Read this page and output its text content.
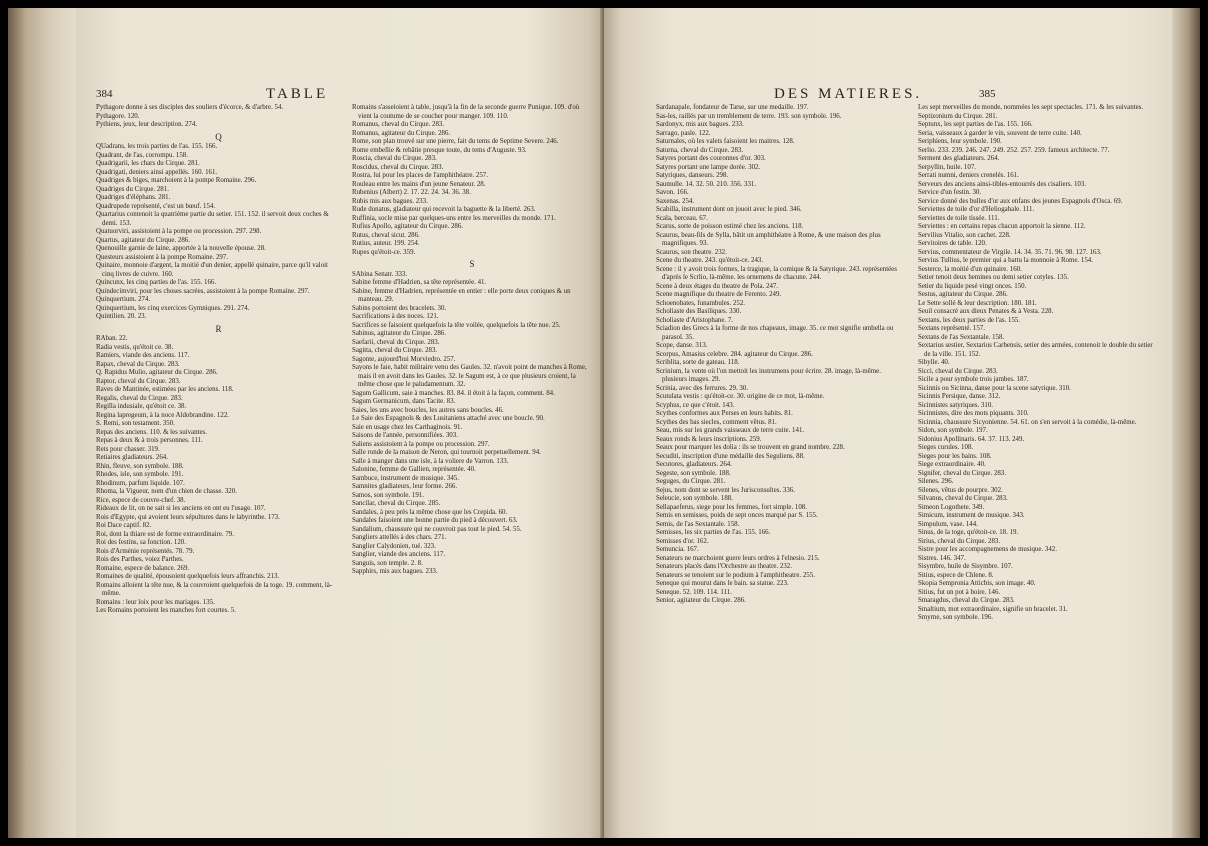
384	TABLE

Pythagore donne à ses disciples des souliers d'écorce, & d'arbre. 54.

Pythagore. 120.

Pythiens, jeux, leur description. 274.

Q

QUadrans, les trois parties de l'as. 155. 166.

Quadrant, de l'as, corrompu. 158.

Quadrigarii, les chars du Cirque. 281.

Quadrigati, deniers ainsi appellés. 160. 161.

Quadriges & biges, marchoient à la pompe Romaine. 296.

Quadriges du Cirque. 281.

Quadriges d'éléphans. 281.

Quadrupede représenté, c'est un bœuf. 154.

Quartarius contenoit la quatrième partie du setier. 151. 152. il servoit deux coches & demi. 153.

Quatuorviri, assistoient à la pompe ou procession. 297. 298.

Quartus, agitateur du Cirque. 286.

Quenouille garnie de laine, apportée à la nouvelle épouse. 28.

Questeurs assistoient à la pompe Romaine. 297.

Quinaire, monnoie d'argent, la moitié d'un denier, appellé quinaire, parce qu'il valoit cinq livres de cuivre. 160.

Quincunx, les cinq parties de l'as. 155. 166.

Quindecimviri, pour les choses sacrées, assistoient à la pompe Romaine. 297.

Quinquertium. 274.

Quinquertium, les cinq exercices Gymniques. 291. 274.

Quintilien. 20. 23.

R

RAban. 22.

Radia vestis, qu'étoit ce. 38.

Ramiers, viande des anciens. 117.

Rapax, cheval du Cirque. 283.

Q. Rapidus Mulio, agitateur du Cirque. 286.

Raptor, cheval du Cirque. 283.

Raves de Mantinée, estimées par les anciens. 118.

Regalis, cheval du Cirque. 283.

Regilla indusiale, qu'étoit ce. 38.

Regina lapregeum, à la noce Aldobrandine. 122.

S. Remi, son testament. 350.

Repas des anciens. 110. & les suivantes.

Repas à deux & à trois personnes. 111.

Rets pour chasser. 319.

Retiaires gladiateurs. 264.

Rhin, fleuve, son symbole. 188.

Rhodes, isle, son symbole. 191.

Rhodinum, parfum liquide. 107.

Rhoma, la Vigueur, nom d'un chien de chasse. 320.

Rice, espece de couvre-chef. 38.

Rideaux de lit, on ne sait si les anciens en ont eu l'usage. 107.

Rois d'Egypte, qui avoient leurs sépultures dans le labyrinthe. 173.

Roi Dace captif. 82.

Roi, dont la thiare est de forme extraordinaire. 79.

Roi des festins, sa fonction. 120.

Rois d'Arménie représentés. 78. 79.

Rois des Parthes, voiez Parthes.

Romaine, espece de balance. 269.

Romaines de qualité, épousoient quelquefois leurs affranchis. 213.

Romains alloient la tête nue, & la couvroient quelquefois de la toge. 19. comment, là-même.

Romains : leur loix pour les mariages. 135.

Les Romains portoient les manches fort courtes. 5.

Romains s'asseioient à table, jusqu'à la fin de la seconde guerre Punique. 109. d'où vient la coutume de se coucher pour manger. 109. 110.

Romanus, cheval du Cirque. 283.

Romanus, agitateur du Cirque. 286.

Rome, son plan trouvé sur une pierre, fait du tems de Septime Severe. 246.

Rome embellie & rebâtie presque toute, du tems d'Auguste. 93.

Roscia, cheval du Cirque. 283.

Roscidus, cheval du Cirque. 283.

Rostra, lui pour les places de l'amphithéatre. 257.

Rouleau entre les mains d'un jeune Senateur. 28.

Rubenius (Albert) 2. 17. 22. 24. 34. 36. 38.

Rubis mis aux bagues. 233.

Rude donatus, gladiateur qui recevoit la baguette & la liberté. 263.

Ruffinia, socle mise par quelques-uns entre les merveilles du monde. 171.

Rufius Apollo, agitateur du Cirque. 286.

Rutus, cheval sicut. 286.

Rutius, auteur. 199. 254.

Rupes qu'étoit-ce. 359.

S

SAbina Senatr. 333.

Sabine femme d'Hadrien, sa tête représentée. 41.

Sabine, femme d'Hadrien, représentée en entier : elle porte deux coniques & un manteau. 29.

Sabins portoient des bracelets. 30.

Sacrifications à des noces. 121.

Sacrifices se faisoient quelquefois la tête voilée, quelquefois la tête nue. 25.

Sabinus, agitateur du Cirque. 286.

Saefarii, cheval du Cirque. 283.

Sagitta, cheval du Cirque. 283.

Sagonte, aujourd'hui Morviedro. 257.

Sayons le faie, habit militaire venu des Gaules. 32. n'avoit point de manches à Rome, mais il en avoit dans les Gaules. 32. le Sagum est, à ce que plusieurs croient, la même chose que le paludamentum. 32.

Sagum Gallicum, saie à manches. 83. 84. il étoit à la façon, comment. 84.

Sagum Germanicum, dans Tacite. 83.

Saies, les uns avec boucles, les autres sans boucles. 46.

Le Saie des Espagnols & des Lusitaniens attaché avec une boucle. 90.

Saie en usage chez les Carthaginois. 91.

Saisons de l'année, personnifiées. 303.

Saliens assistoient à la pompe ou procession. 297.

Salle ronde de la maison de Neron, qui tournoit perpetuellement. 94.

Salle à manger dans une isle, à la voliere de Varron. 133.

Salonine, femme de Gallien, représentée. 40.

Sambuce, instrument de musique. 345.

Samnites gladiateurs, leur forme. 266.

Samos, son symbole. 191.

Sancilar, cheval du Cirque. 285.

Sandales, à peu près la même chose que les Crepida. 60.

Sandales faisoient une bonne partie du pied à découvert. 63.

Sandalium, chaussure qui ne couvroit pas tout le pied. 54. 55.

Sangliers attellés à des chars. 271.

Sanglier Calydonien, tué. 323.

Sanglier, viande des anciens. 117.

Sanguis, son temple. 2. 8.

Sapphirs, mis aux bagues. 233.

DES MATIERES.	385

Sardanapale, fondateur de Tarse, sur une medaille. 197.

Sas-les, raillés par un tremblement de terre. 193. son symbole. 196.

Sardonyx, mis aux bagues. 233.

Sarrago, pasle. 122.

Saturnales, où les valets faisoient les maitres. 128.

Saturna, cheval du Cirque. 283.

Satyres portant des couronnes d'or. 303.

Satyres portant une lampe dorée. 302.

Satyriques, danseurs. 298.

Saumulle. 14. 32. 50. 210. 356. 331.

Savon. 166.

Saxenas. 254.

Scabilla, instrument dont on jouoit avec le pied. 346.

Scala, berceau. 67.

Scarus, sorte de poisson estimé chez les anciens. 118.

Scaurus, beau-fils de Sylla, bâtit un amphithéatre à Rome, & une maison des plus magnifiques. 93.

Scaurus, son theatre. 232.

Scene du theatre. 243. qu'étoit-ce. 243.

Scene : il y avoit trois formes, la tragique, la comique & la Satyrique. 243. représentées d'après le Scrlio, là-même. les ornemens de chacune. 244.

Scene à deux étages du theatre de Pola. 247.

Scene magnifique du theatre de Ferento. 249.

Schoenobates, funambules. 252.

Scholiaste des Basiliques. 330.

Scholiaste d'Aristophane. 7.

Sciadion des Grecs à la forme de nos chapeaux, image. 35. ce mot signifie umbella ou parasol. 35.

Scope, danse. 313.

Scorpus, Amasius celebre. 284. agitateur du Cirque. 286.

Scriblita, sorte de gateau. 118.

Scrinium, la vente où l'on mettoit les instrumens pour écrire. 28. image, là-même. plusieurs images. 29.

Scrinia, avec des ferrures. 29. 30.

Scutulata vestis : qu'étoit-ce. 30. origine de ce mot, là-même.

Scyphus, ce que c'étoit. 143.

Scythes conformes aux Perses en leurs habits. 81.

Scythes des bas siecles, comment vêtus. 81.

Seau, mis sur les grands vaisseaux de terre cuite. 141.

Seaux ronds & leurs inscriptions. 259.

Seaux pour marquer les dolia : ils se trouvent en grand nombre. 228.

Secuditi, inscription d'une médaille des Seguliens. 88.

Secutores, gladiateurs. 264.

Segeste, son symbole. 188.

Seguges, du Cirque. 281.

Sejus, nom dont se servent les Jurisconsultes. 336.

Seleucie, son symbole. 188.

Sellapaeferus, siege pour les femmes, fort simple. 108.

Semis en semisses, poids de sept onces marqué par S. 155.

Semis, de l'as Sextantale. 158.

Semisses, les six parties de l'as. 155. 166.

Semisses d'or. 162.

Semuncia. 167.

Senateurs ne marchoient guere leurs ordres à l'elnesio. 215.

Senateurs placés dans l'Orchestre au theatre. 232.

Senateurs se tenoient sur le podium à l'amphitheatre. 255.

Seneque qui mourut dans le bain. sa statue. 223.

Seneque. 52. 109. 114. 111.

Senior, agitateur du Cirque. 286.

Les sept merveilles du monde, nommées les sept spectacles. 171. & les suivantes.

Septizonium du Cirque. 281.

Septunx, les sept parties de l'as. 155. 166.

Seria, vaisseaux à garder le vin, souvent de terre cuite. 140.

Seriphiens, leur symbole. 190.

Serlio. 233. 239. 246. 247. 249. 252. 257. 259. fameux architecte. 77.

Serment des gladiateurs. 264.

Serpyllin, huile. 107.

Serrati numni, deniers crenelés. 161.

Serveurs des anciens ainsi-tibles-entourrés des cisaliers. 103.

Service d'un festin. 30.

Service donné des bulles d'or aux enfans des jeunes Espagnols d'Osca. 69.

Serviettes de toile d'or d'Heliogabale. 111.

Serviettes de toile tissée. 111.

Serviettes : en certains repas chacun apportoit la sienne. 112.

Servilius Vitalio, son cachet. 228.

Servitoires de table. 120.

Servius, commentateur de Virgile. 14. 34. 35. 71. 96. 98. 127. 163.

Servius Tullius, le premier qui a battu la monnoie à Rome. 154.

Sesterce, la moitié d'un quinaire. 160.

Setier tenoit deux hemines ou demi setier cotyles. 135.

Setier du liquide pesé vingt onces. 150.

Sestus, agitateur du Cirque. 286.

Le Sette sollé & leur description. 180. 181.

Seuil consacré aux dieux Penates & à Vesta. 228.

Sextans, les deux parties de l'as. 155.

Sextans représenté. 157.

Sextans de l'as Sextantale. 158.

Sextarius sestier, Sextarius Carbensis, setier des armées, contenoit le double du setier de la ville. 151. 152.

Sibylle. 40.

Sicci, cheval du Cirque. 283.

Sicile a pour symbole trois jambes. 187.

Sicinnis ou Sicinna, danse pour la scene satyrique. 310.

Sicinnis Persique, danse. 312.

Sicinnistes satyriques. 310.

Sicinnistes, dire des mots piquants. 310.

Sicinnia, chaussure Sicyonienne. 54. 61. on s'en servoit à la comédie, là-même.

Sidon, son symbole. 197.

Sidonius Apollinaris. 64. 37. 113. 249.

Sieges curules. 108.

Sieges pour les bains. 108.

Siege extraordinaire. 40.

Signifer, cheval du Cirque. 283.

Silenes. 296.

Silenes, vêtus de pourpre. 302.

Silvanus, cheval du Cirque. 283.

Simeon Logothete. 349.

Simicum, instrument de musique. 343.

Simpulum, vase. 144.

Sinus, de la toge, qu'étoit-ce. 18. 19.

Sirius, cheval du Cirque. 283.

Sistre pour les accompagnemens de musique. 342.

Sistres. 146. 347.

Sisymbre, huile de Sisymbre. 107.

Sitius, espece de Chlene. 8.

Skopia Sempronia Atticbis, son image. 40.

Sitius, fut un pot à boire. 146.

Smaragdus, cheval du Cirque. 283.

Smaltium, mot extraordinaire, signifie un bracelet. 31.

Smyrne, son symbole. 196.
